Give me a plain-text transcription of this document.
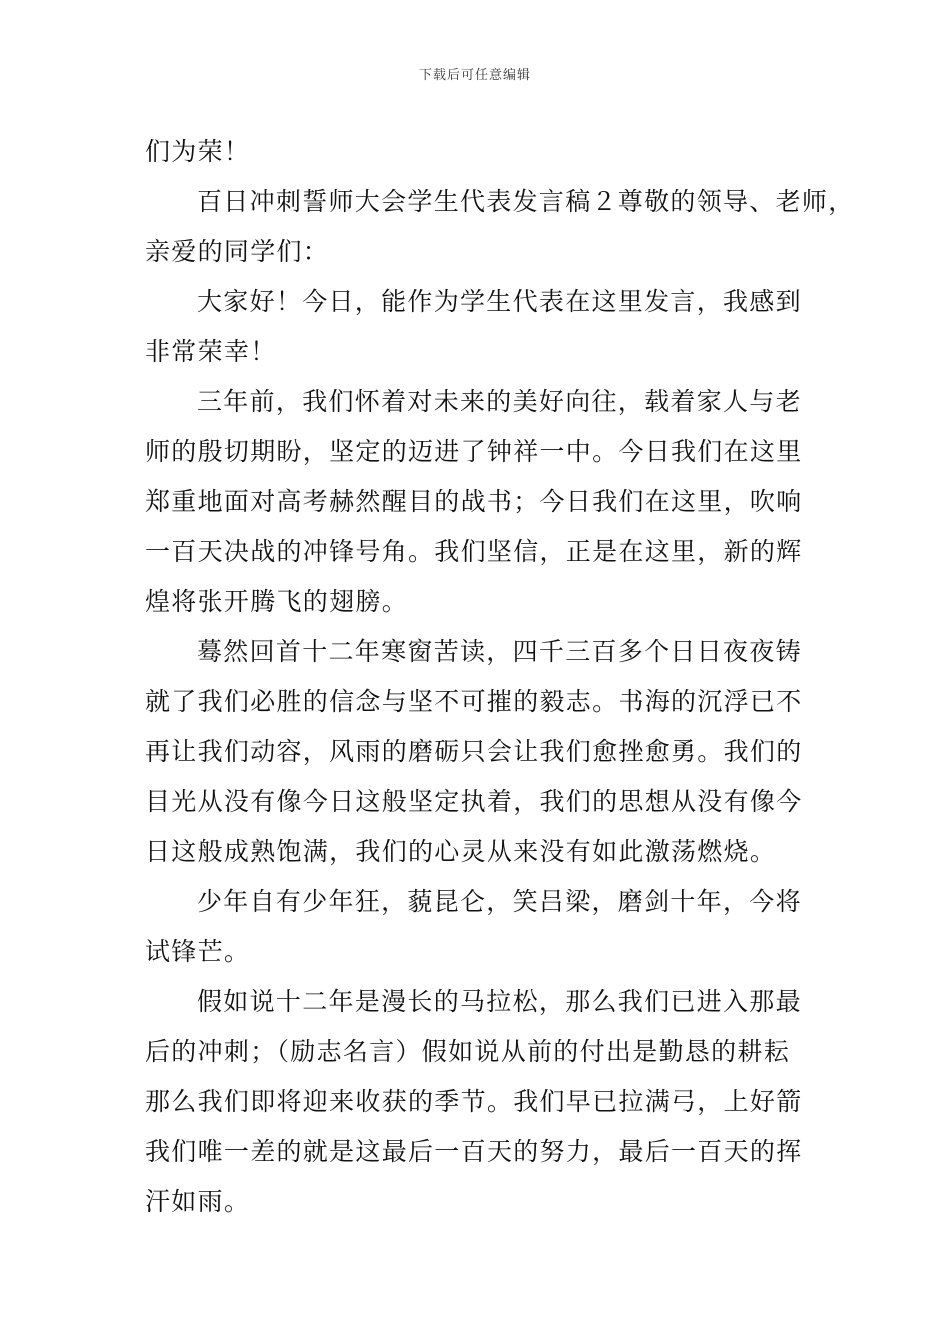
下载后可任意编辑
们为荣！
百日冲刺誓师大会学生代表发言稿２尊敬的领导、老师，
亲爱的同学们：
大家好！今日，能作为学生代表在这里发言，我感到
非常荣幸！
三年前，我们怀着对未来的美好向往，载着家人与老
师的殷切期盼，坚定的迈进了钟祥一中。今日我们在这里
郑重地面对高考赫然醒目的战书；今日我们在这里，吹响
一百天决战的冲锋号角。我们坚信，正是在这里，新的辉
煌将张开腾飞的翅膀。
蓦然回首十二年寒窗苦读，四千三百多个日日夜夜铸
就了我们必胜的信念与坚不可摧的毅志。书海的沉浮已不
再让我们动容，风雨的磨砺只会让我们愈挫愈勇。我们的
目光从没有像今日这般坚定执着，我们的思想从没有像今
日这般成熟饱满，我们的心灵从来没有如此激荡燃烧。
少年自有少年狂，藐昆仑，笑吕梁，磨剑十年，今将
试锋芒。
假如说十二年是漫长的马拉松，那么我们已进入那最
后的冲刺；（励志名言）假如说从前的付出是勤恳的耕耘
那么我们即将迎来收获的季节。我们早已拉满弓，上好箭
我们唯一差的就是这最后一百天的努力，最后一百天的挥
汗如雨。
